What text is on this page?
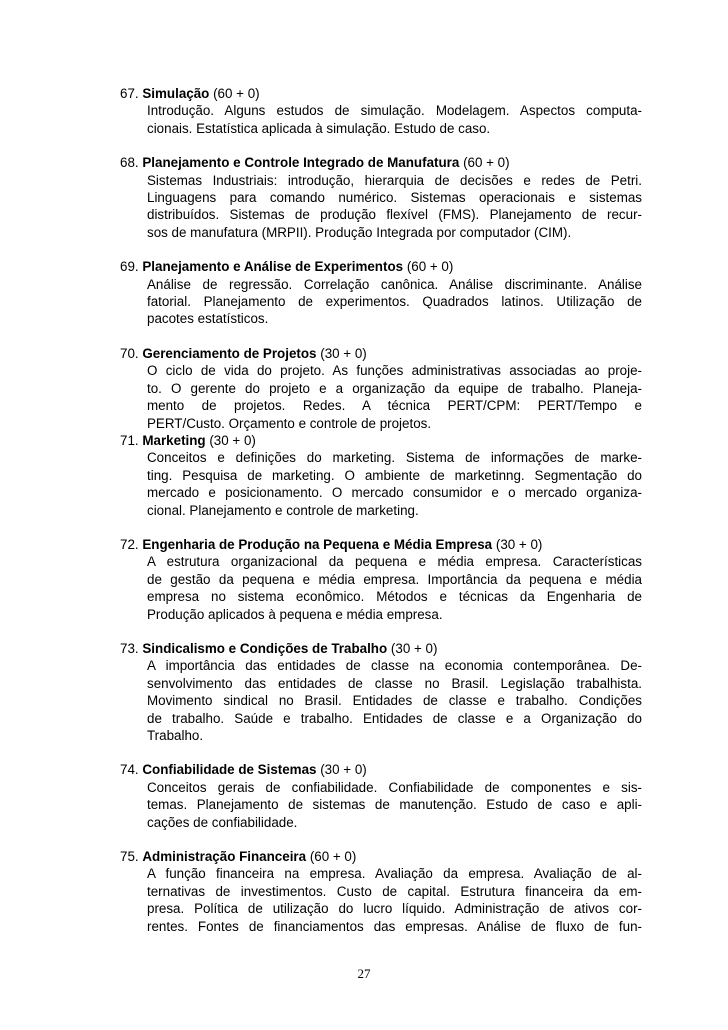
67. Simulação (60 + 0)
Introdução. Alguns estudos de simulação. Modelagem. Aspectos computa-
cionais. Estatística aplicada à simulação. Estudo de caso.
68. Planejamento e Controle Integrado de Manufatura (60 + 0)
Sistemas Industriais: introdução, hierarquia de decisões e redes de Petri.
Linguagens para comando numérico. Sistemas operacionais e sistemas
distribuídos. Sistemas de produção flexível (FMS). Planejamento de recur-
sos de manufatura (MRPII). Produção Integrada por computador (CIM).
69. Planejamento e Análise de Experimentos (60 + 0)
Análise de regressão. Correlação canônica. Análise discriminante. Análise
fatorial. Planejamento de experimentos. Quadrados latinos. Utilização de
pacotes estatísticos.
70. Gerenciamento de Projetos (30 + 0)
O ciclo de vida do projeto. As funções administrativas associadas ao proje-
to. O gerente do projeto e a organização da equipe de trabalho. Planeja-
mento de projetos. Redes. A técnica PERT/CPM: PERT/Tempo e
PERT/Custo. Orçamento e controle de projetos.
71. Marketing (30 + 0)
Conceitos e definições do marketing. Sistema de informações de marke-
ting. Pesquisa de marketing. O ambiente de marketinng. Segmentação do
mercado e posicionamento. O mercado consumidor e o mercado organiza-
cional. Planejamento e controle de marketing.
72. Engenharia de Produção na Pequena e Média Empresa (30 + 0)
A estrutura organizacional da pequena e média empresa. Características
de gestão da pequena e média empresa. Importância da pequena e média
empresa no sistema econômico. Métodos e técnicas da Engenharia de
Produção aplicados à pequena e média empresa.
73. Sindicalismo e Condições de Trabalho (30 + 0)
A importância das entidades de classe na economia contemporânea. De-
senvolvimento das entidades de classe no Brasil. Legislação trabalhista.
Movimento sindical no Brasil. Entidades de classe e trabalho. Condições
de trabalho. Saúde e trabalho. Entidades de classe e a Organização do
Trabalho.
74. Confiabilidade de Sistemas (30 + 0)
Conceitos gerais de confiabilidade. Confiabilidade de componentes e sis-
temas. Planejamento de sistemas de manutenção. Estudo de caso e apli-
cações de confiabilidade.
75. Administração Financeira (60 + 0)
A função financeira na empresa. Avaliação da empresa. Avaliação de al-
ternativas de investimentos. Custo de capital. Estrutura financeira da em-
presa. Política de utilização do lucro líquido. Administração de ativos cor-
rentes. Fontes de financiamentos das empresas. Análise de fluxo de fun-
27
